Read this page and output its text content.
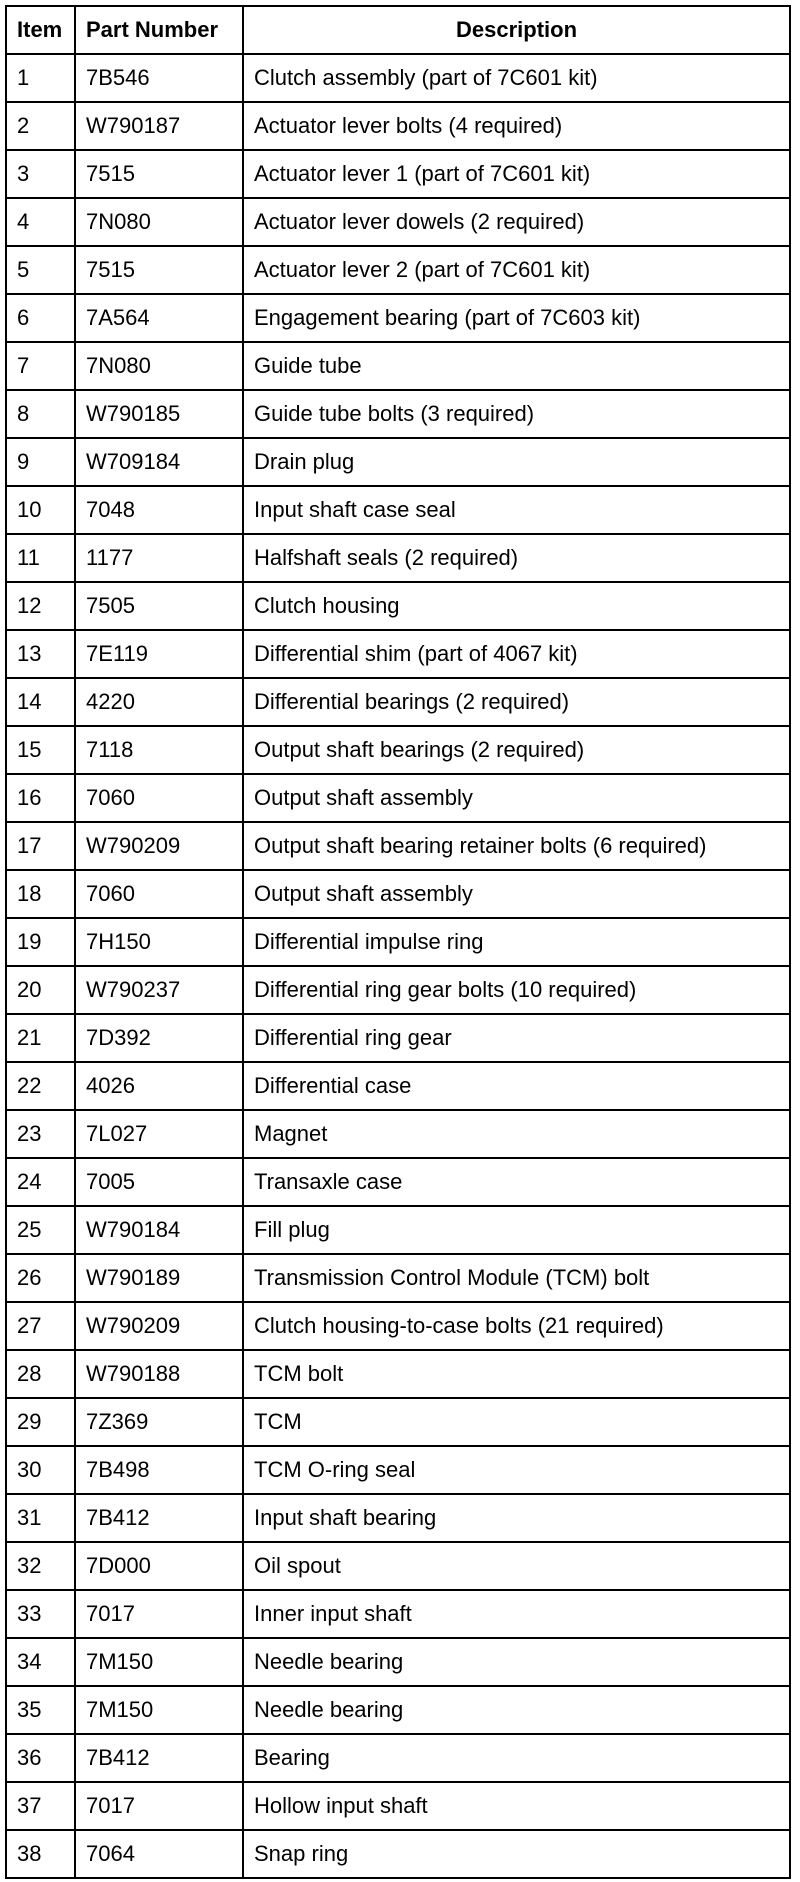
Item	Part Number	Description
1	7B546	Clutch assembly (part of 7C601 kit)
2	W790187	Actuator lever bolts (4 required)
3	7515	Actuator lever 1 (part of 7C601 kit)
4	7N080	Actuator lever dowels (2 required)
5	7515	Actuator lever 2 (part of 7C601 kit)
6	7A564	Engagement bearing (part of 7C603 kit)
7	7N080	Guide tube
8	W790185	Guide tube bolts (3 required)
9	W709184	Drain plug
10	7048	Input shaft case seal
11	1177	Halfshaft seals (2 required)
12	7505	Clutch housing
13	7E119	Differential shim (part of 4067 kit)
14	4220	Differential bearings (2 required)
15	7118	Output shaft bearings (2 required)
16	7060	Output shaft assembly
17	W790209	Output shaft bearing retainer bolts (6 required)
18	7060	Output shaft assembly
19	7H150	Differential impulse ring
20	W790237	Differential ring gear bolts (10 required)
21	7D392	Differential ring gear
22	4026	Differential case
23	7L027	Magnet
24	7005	Transaxle case
25	W790184	Fill plug
26	W790189	Transmission Control Module (TCM) bolt
27	W790209	Clutch housing-to-case bolts (21 required)
28	W790188	TCM bolt
29	7Z369	TCM
30	7B498	TCM O-ring seal
31	7B412	Input shaft bearing
32	7D000	Oil spout
33	7017	Inner input shaft
34	7M150	Needle bearing
35	7M150	Needle bearing
36	7B412	Bearing
37	7017	Hollow input shaft
38	7064	Snap ring
